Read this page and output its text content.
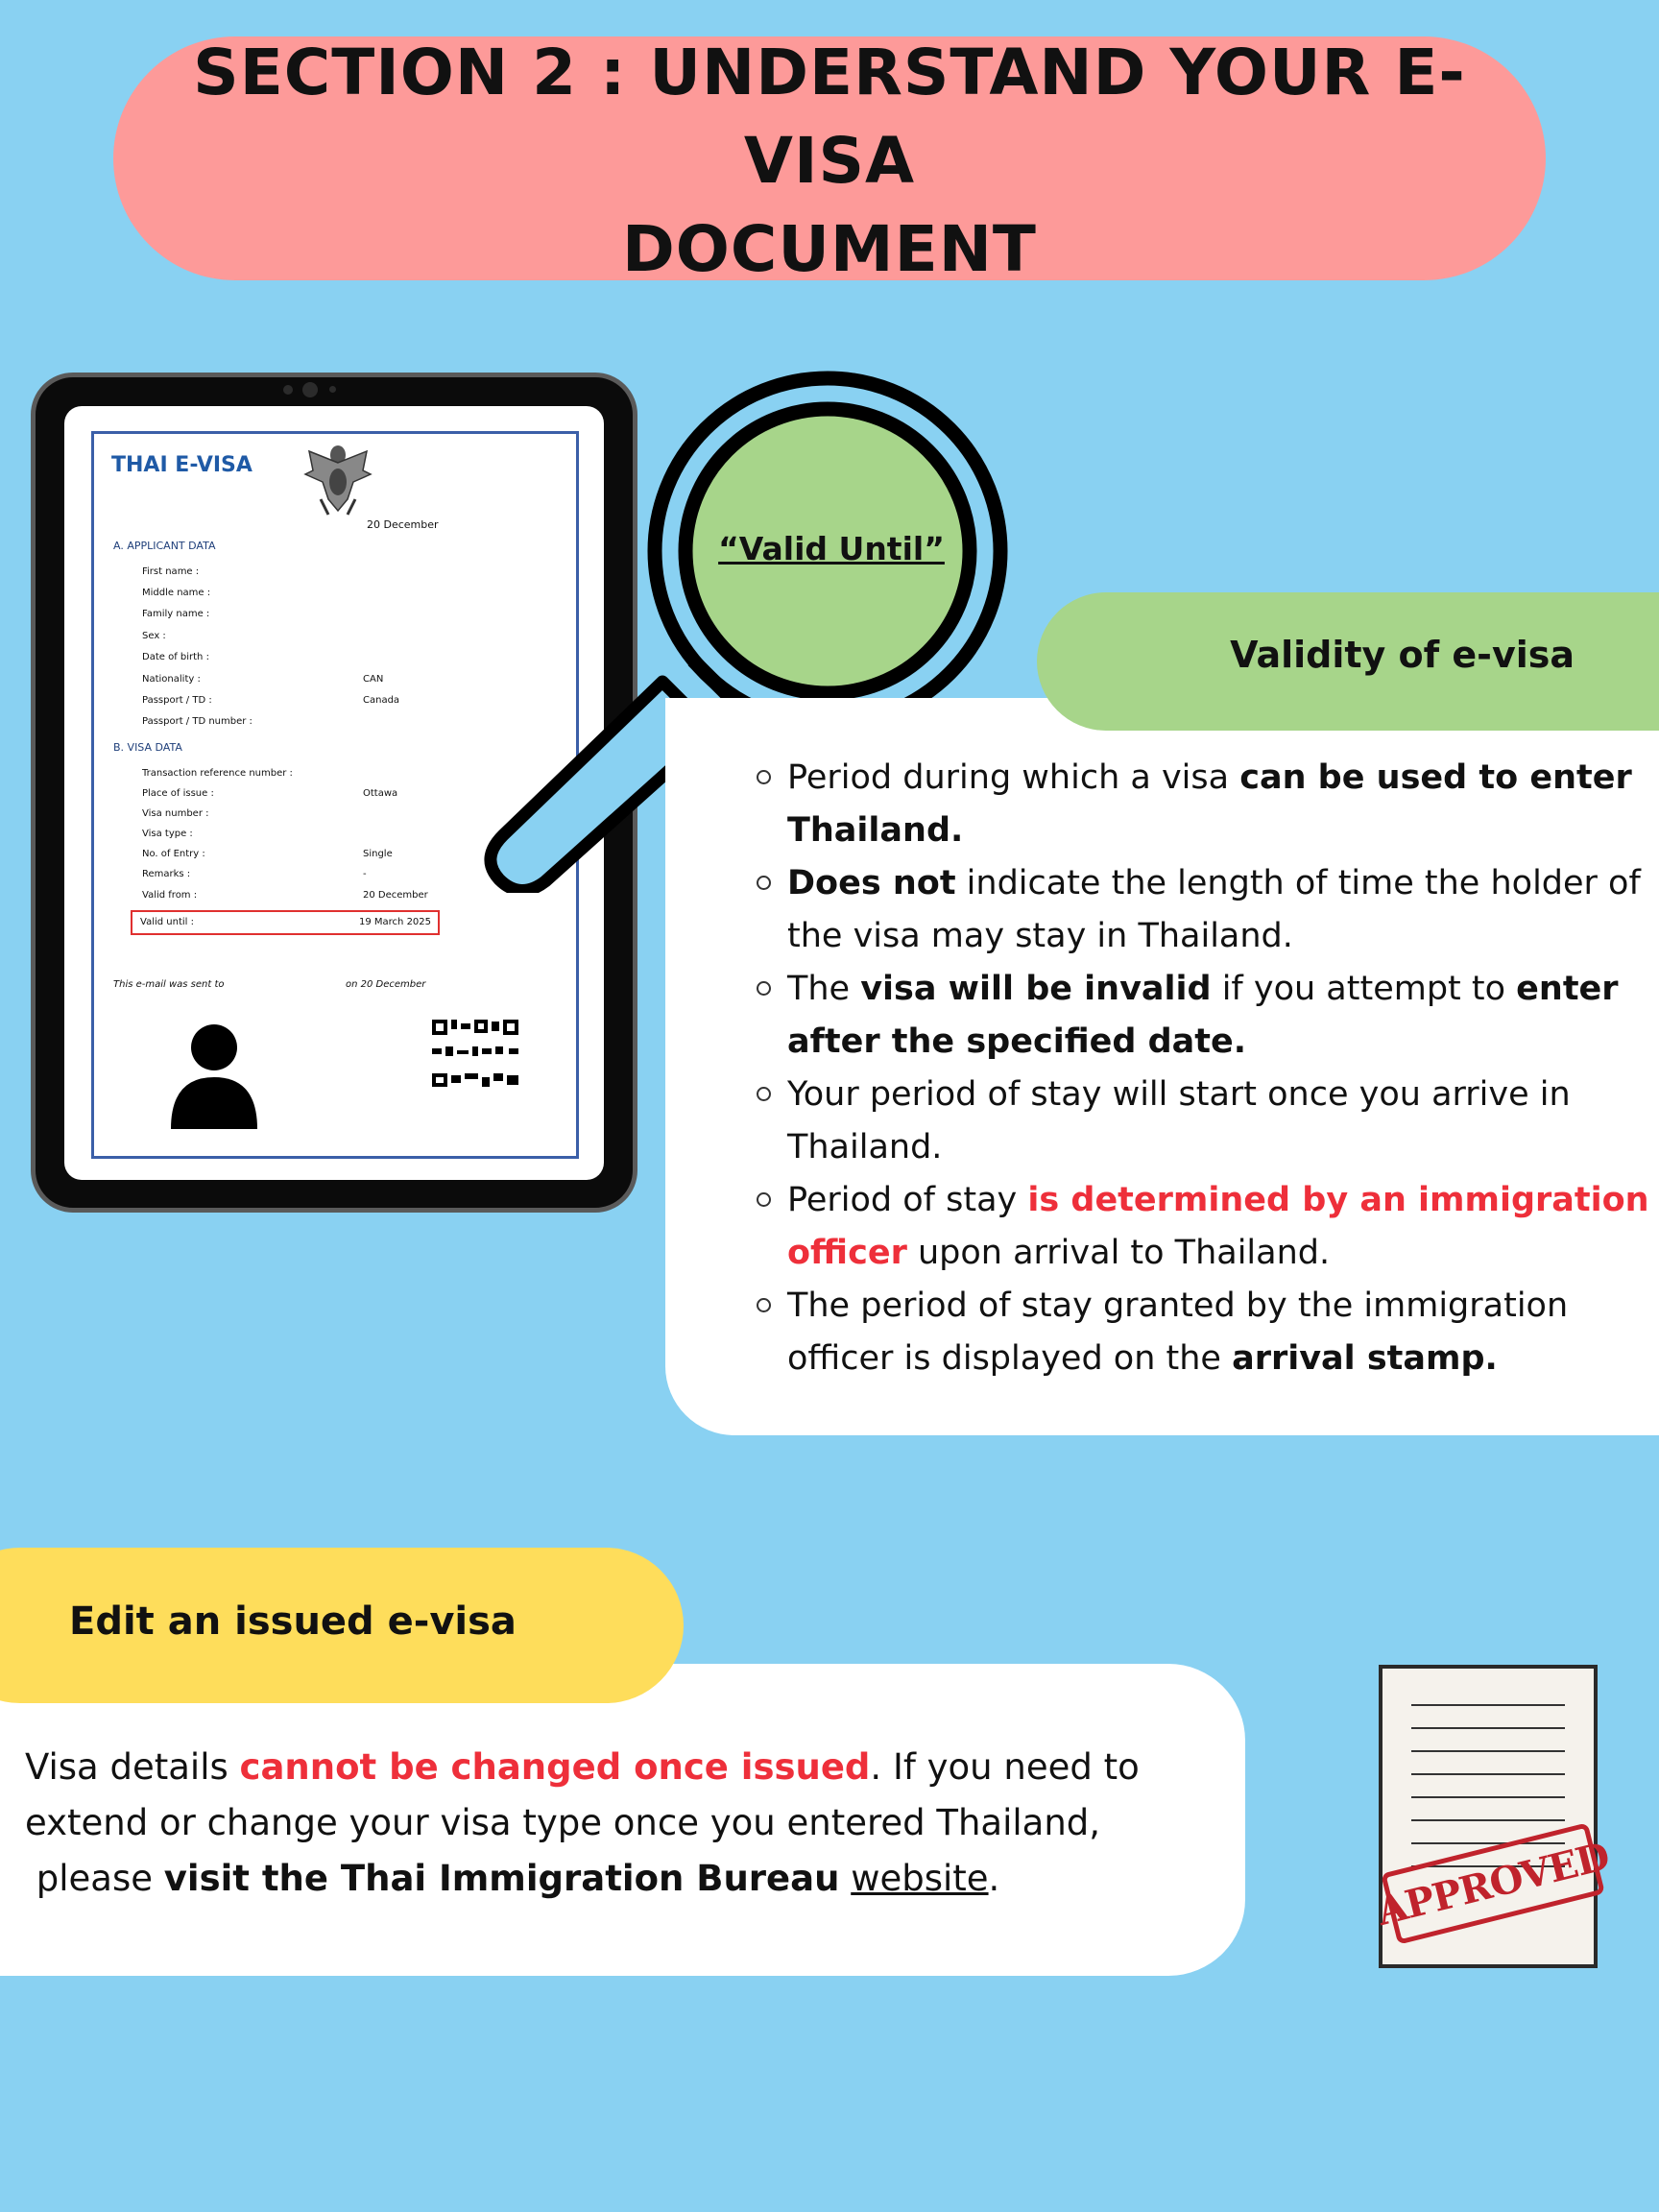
SECTION 2 : UNDERSTAND YOUR E-VISA
DOCUMENT
THAI E-VISA
20 December
A. APPLICANT DATA
First name :
Middle name :
Family name :
Sex :
Date of birth :
Nationality :	CAN
Passport / TD :	Canada
Passport / TD number :
B. VISA DATA
Transaction reference number :
Place of issue :	Ottawa
Visa number :
Visa type :
No. of Entry :	Single
Remarks :	-
Valid from :	20 December
Valid until :	19 March 2025
This e-mail was sent to	on 20 December
“Valid Until”
Validity of e-visa
Period during which a visa can be used to enter Thailand.
Does not indicate the length of time the holder of the visa may stay in Thailand.
The visa will be invalid if you attempt to enter after the specified date.
Your period of stay will start once you arrive in Thailand.
Period of stay is determined by an immigration officer upon arrival to Thailand.
The period of stay granted by the immigration officer is displayed on the arrival stamp.
Edit an issued e-visa
Visa details cannot be changed once issued. If you need to
extend or change your visa type once you entered Thailand,
please visit the Thai Immigration Bureau website.	APPROVED
